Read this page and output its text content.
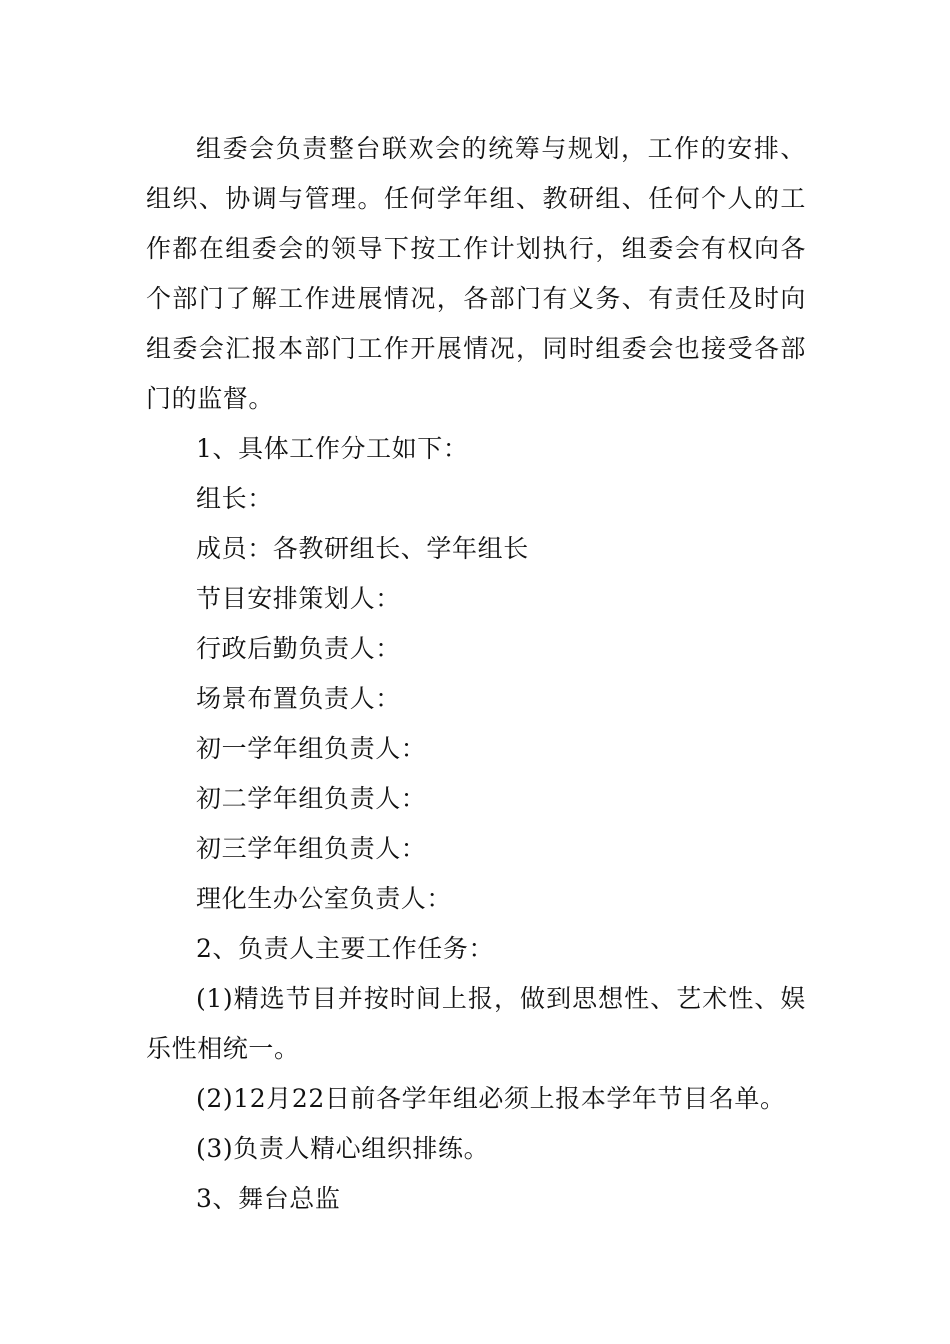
组委会负责整台联欢会的统筹与规划，工作的安排、组织、协调与管理。任何学年组、教研组、任何个人的工作都在组委会的领导下按工作计划执行，组委会有权向各个部门了解工作进展情况，各部门有义务、有责任及时向组委会汇报本部门工作开展情况，同时组委会也接受各部门的监督。

1、具体工作分工如下：

组长：

成员：各教研组长、学年组长

节目安排策划人：

行政后勤负责人：

场景布置负责人：

初一学年组负责人：

初二学年组负责人：

初三学年组负责人：

理化生办公室负责人：

2、负责人主要工作任务：

(1)精选节目并按时间上报，做到思想性、艺术性、娱乐性相统一。

(2)12月22日前各学年组必须上报本学年节目名单。

(3)负责人精心组织排练。

3、舞台总监
